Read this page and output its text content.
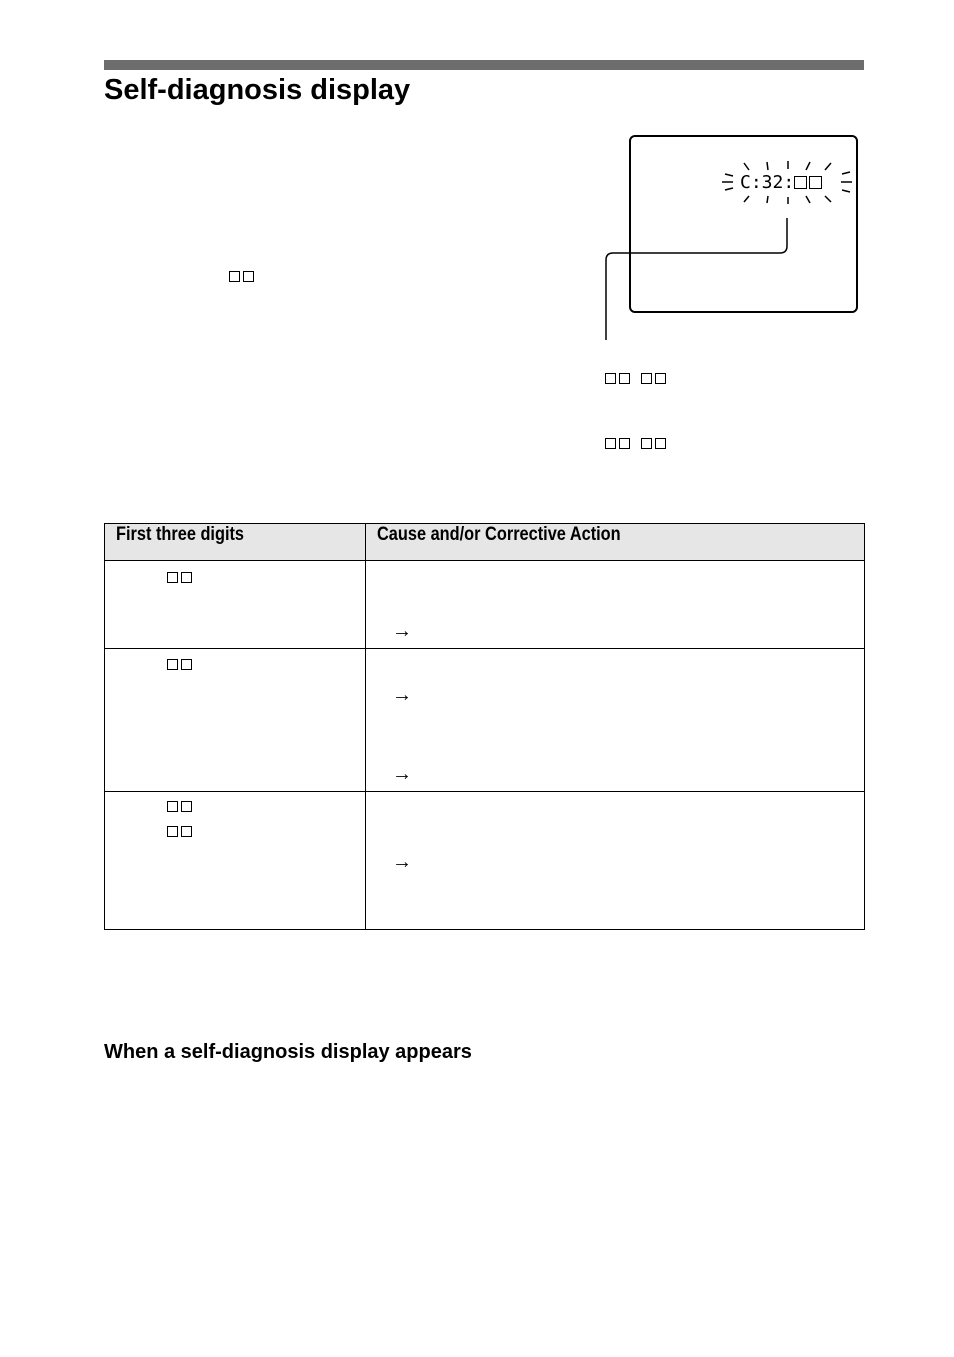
Self-diagnosis display
C:32:
First three digits	Cause and/or Corrective Action

	→

	→
→

	→
When a self-diagnosis display appears
